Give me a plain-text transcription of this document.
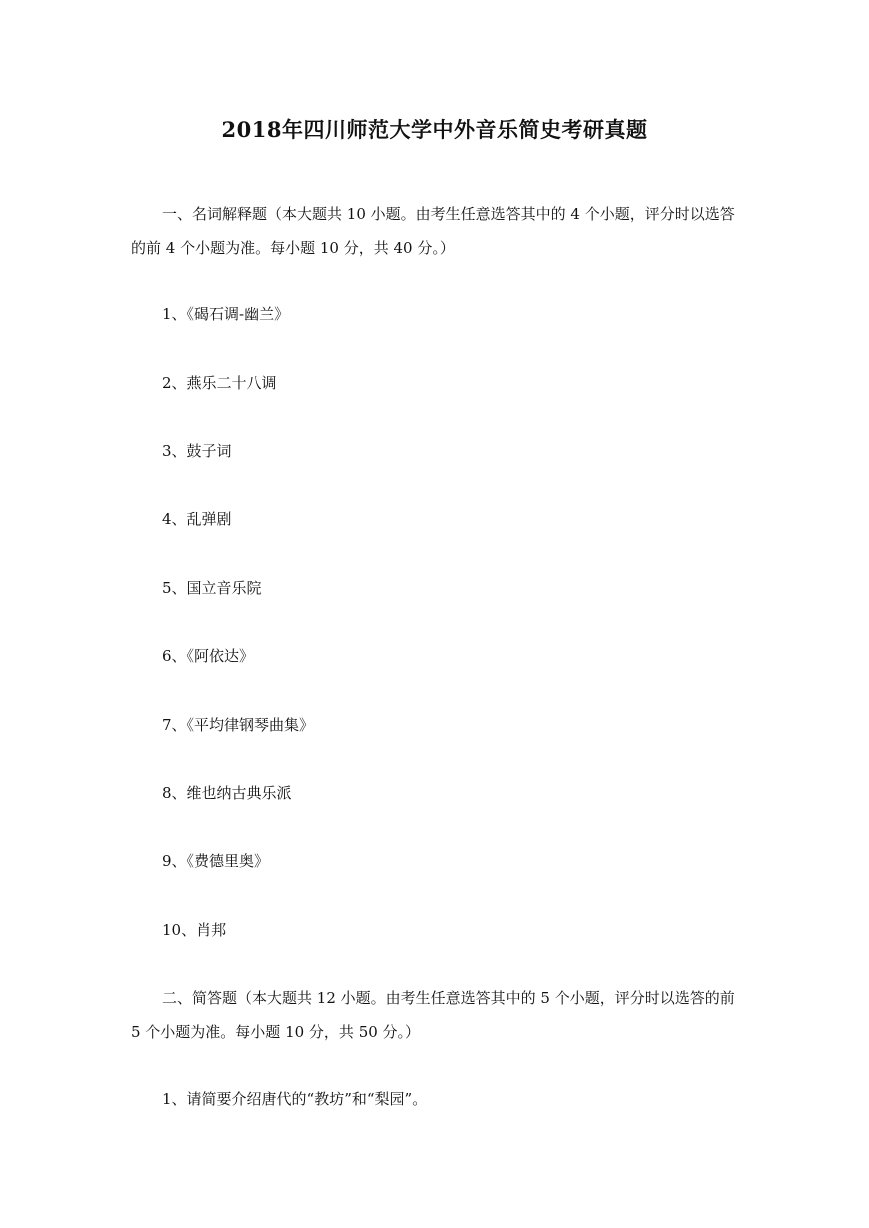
2018年四川师范大学中外音乐简史考研真题

一、名词解释题（本大题共 10 小题。由考生任意选答其中的 4 个小题，评分时以选答的前 4 个小题为准。每小题 10 分，共 40 分。）

1、《碣石调-幽兰》
2、燕乐二十八调
3、鼓子词
4、乱弹剧
5、国立音乐院
6、《阿依达》
7、《平均律钢琴曲集》
8、维也纳古典乐派
9、《费德里奥》
10、肖邦

二、简答题（本大题共 12 小题。由考生任意选答其中的 5 个小题，评分时以选答的前 5 个小题为准。每小题 10 分，共 50 分。）

1、请简要介绍唐代的“教坊”和“梨园”。
